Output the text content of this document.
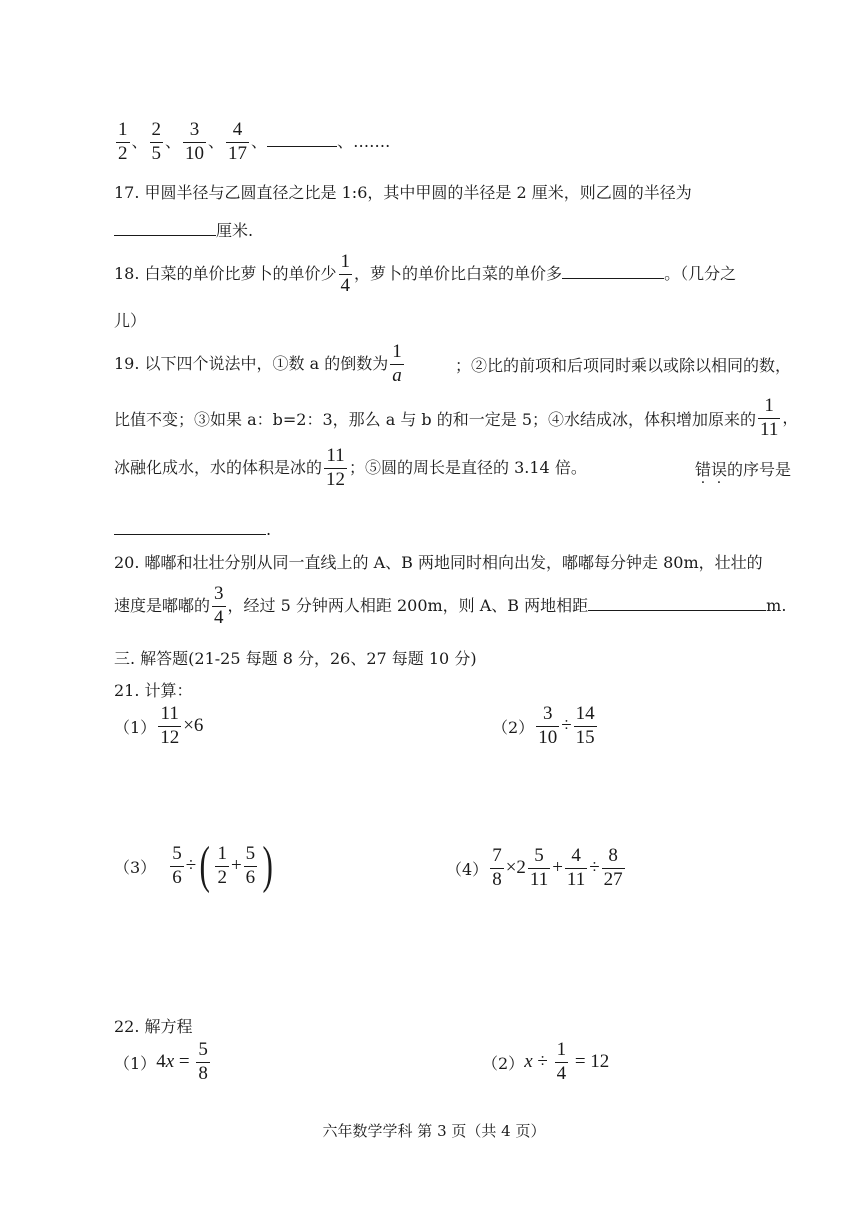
$\frac{1}{2}$ 、 $\frac{2}{5}$ 、 $\frac{3}{10}$ 、 $\frac{4}{17}$ 、	、…….
17. 甲圆半径与乙圆直径之比是 1:6，其中甲圆的半径是 2 厘米，则乙圆的半径为
厘米.
18. 白菜的单价比萝卜的单价少 $\frac{1}{4}$ ，萝卜的单价比白菜的单价多	。（几分之
儿）
19. 以下四个说法中，①数 a 的倒数为 $\frac{1}{a}$	；②比的前项和后项同时乘以或除以相同的数，
比值不变；③如果 a：b=2：3，那么 a 与 b 的和一定是 5；④水结成冰，体积增加原来的 $\frac{1}{11}$ ，
冰融化成水，水的体积是冰的 $\frac{11}{12}$ ；⑤圆的周长是直径的 3.14 倍。	错误的序号是
.
20. 嘟嘟和壮壮分别从同一直线上的 A、B 两地同时相向出发，嘟嘟每分钟走 80m，壮壮的
速度是嘟嘟的 $\frac{3}{4}$ ，经过 5 分钟两人相距 200m，则 A、B 两地相距	m.
三. 解答题(21-25 每题 8 分，26、27 每题 10 分)
21. 计算：
$(1) \frac{11}{12} \times 6$	$(2) \frac{3}{10} \div \frac{14}{15}$
$(3) \frac{5}{6}$ ÷ ( $\frac{1}{2} + \frac{5}{6}$ )	$(4) \frac{7}{8} \times 2 \frac{5}{11} + \frac{4}{11} \div \frac{8}{27}$
22. 解方程
（1） 4 $x = \frac{5}{8}$	（2） $x \div \frac{1}{4} = 12$
六年数学学科 第 3 页（共 4 页）
